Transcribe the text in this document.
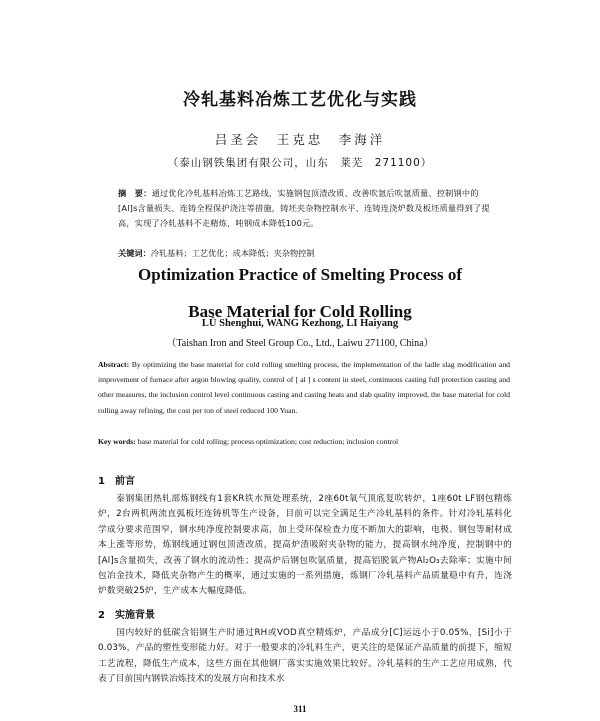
冷轧基料冶炼工艺优化与实践
吕圣会　王克忠　李海洋
（泰山钢铁集团有限公司，山东　莱芜　271100）
摘　要：通过优化冷轧基料冶炼工艺路线，实施钢包顶渣改质、改善吹氩后吹氩质量、控制钢中的[Al]s含量损失、连铸全程保护浇注等措施，铸坯夹杂物控制水平、连铸连浇炉数及板坯质量得到了提高，实现了冷轧基料不走精炼，吨钢成本降低100元。
关键词：冷轧基料；工艺优化；成本降低；夹杂物控制
Optimization Practice of Smelting Process of Base Material for Cold Rolling
LÜ Shenghui, WANG Kezhong, LI Haiyang
（Taishan Iron and Steel Group Co., Ltd., Laiwu 271100, China）
Abstract: By optimizing the base material for cold rolling smelting process, the implementation of the ladle slag modification and improvement of furnace after argon blowing quality, control of [ al ] s content in steel, continuous casting full protection casting and other measures, the inclusion control level continuous casting and casting heats and slab quality improved, the base material for cold rolling away refining, the cost per ton of steel reduced 100 Yuan.
Key words: base material for cold rolling; process optimization; cost reduction; inclusion control
1　前言
泰钢集团热轧部炼钢线有1套KR铁水预处理系统，2座60t氧气顶底复吹转炉，1座60t LF钢包精炼炉，2台两机两流直弧板坯连铸机等生产设备，目前可以完全满足生产冷轧基料的条件。针对冷轧基料化学成分要求范围窄，钢水纯净度控制要求高，加上受环保检查力度不断加大的影响，电极、钢包等耐材成本上涨等形势，炼钢线通过钢包顶渣改质，提高炉渣吸附夹杂物的能力，提高钢水纯净度，控制钢中的[Al]s含量损失，改善了钢水的流动性；提高炉后钢包吹氩质量，提高铝脱氧产物Al₂O₃去除率；实施中间包冶金技术，降低夹杂物产生的概率，通过实施的一系列措施，炼钢厂冷轧基料产品质量稳中有升，连浇炉数突破25炉，生产成本大幅度降低。
2　实施背景
国内较好的低碳含铝钢生产时通过RH或VOD真空精炼炉，产品成分[C]运远小于0.05%，[Si]小于0.03%，产品的塑性变形能力好。对于一般要求的冷轧料生产，更关注的是保证产品质量的前提下，缩短工艺流程，降低生产成本，这些方面在其他钢厂落实实施效果比较好。冷轧基料的生产工艺应用成熟，代表了目前国内钢铁冶炼技术的发展方向和技术水
311
